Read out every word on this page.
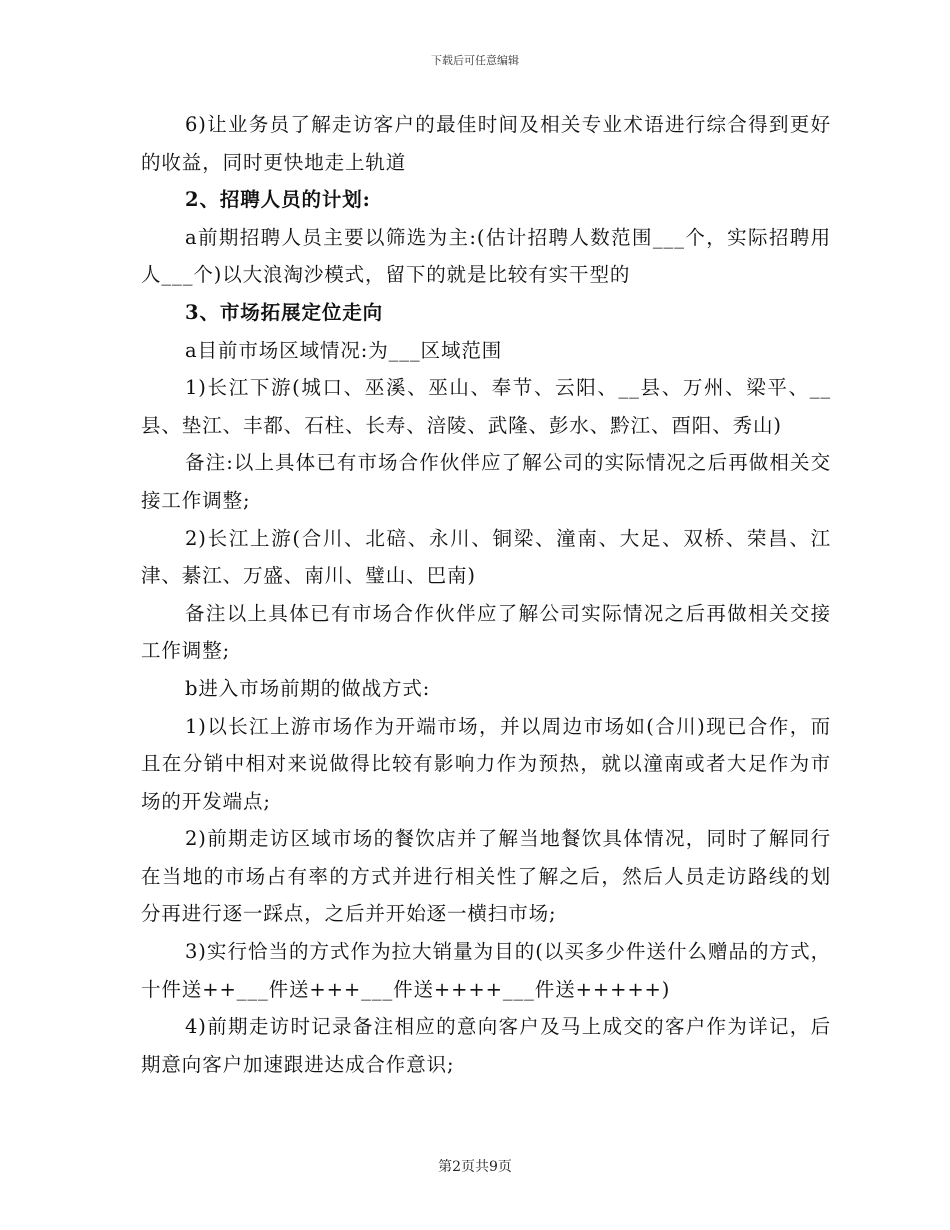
下载后可任意编辑

6)让业务员了解走访客户的最佳时间及相关专业术语进行综合得到更好的收益，同时更快地走上轨道

2、招聘人员的计划:

a前期招聘人员主要以筛选为主:(估计招聘人数范围___个，实际招聘用人___个)以大浪淘沙模式，留下的就是比较有实干型的

3、市场拓展定位走向

a目前市场区域情况:为___区域范围

1)长江下游(城口、巫溪、巫山、奉节、云阳、__县、万州、梁平、__县、垫江、丰都、石柱、长寿、涪陵、武隆、彭水、黔江、酉阳、秀山)

备注:以上具体已有市场合作伙伴应了解公司的实际情况之后再做相关交接工作调整;

2)长江上游(合川、北碚、永川、铜梁、潼南、大足、双桥、荣昌、江津、綦江、万盛、南川、璧山、巴南)

备注以上具体已有市场合作伙伴应了解公司实际情况之后再做相关交接工作调整;

b进入市场前期的做战方式:

1)以长江上游市场作为开端市场，并以周边市场如(合川)现已合作，而且在分销中相对来说做得比较有影响力作为预热，就以潼南或者大足作为市场的开发端点;

2)前期走访区域市场的餐饮店并了解当地餐饮具体情况，同时了解同行在当地的市场占有率的方式并进行相关性了解之后，然后人员走访路线的划分再进行逐一踩点，之后并开始逐一横扫市场;

3)实行恰当的方式作为拉大销量为目的(以买多少件送什么赠品的方式，十件送++___件送+++___件送++++___件送+++++)

4)前期走访时记录备注相应的意向客户及马上成交的客户作为详记，后期意向客户加速跟进达成合作意识;

第2页共9页
